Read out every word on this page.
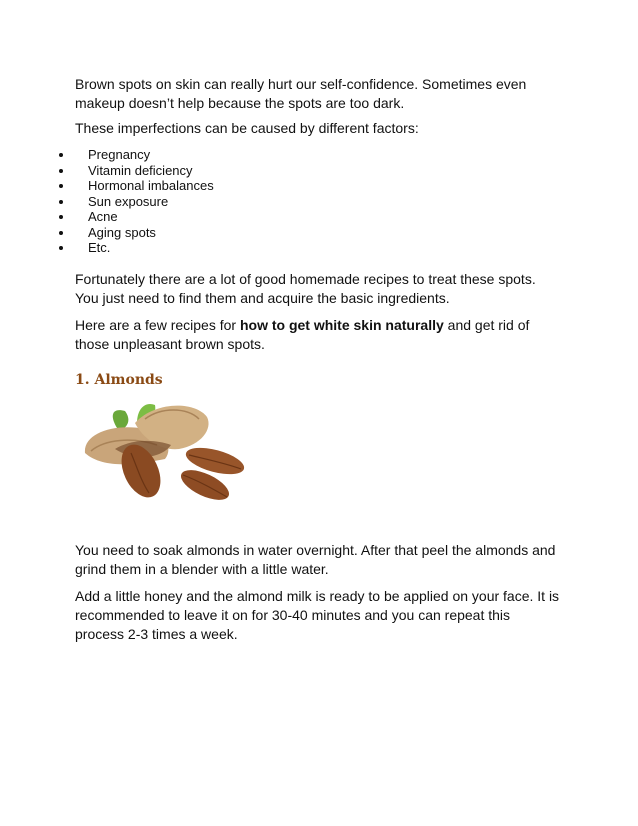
Brown spots on skin can really hurt our self-confidence. Sometimes even
makeup doesn’t help because the spots are too dark.

These imperfections can be caused by different factors:

Pregnancy
Vitamin deficiency
Hormonal imbalances
Sun exposure
Acne
Aging spots
Etc.

Fortunately there are a lot of good homemade recipes to treat these spots.
You just need to find them and acquire the basic ingredients.

Here are a few recipes for how to get white skin naturally and get rid of
those unpleasant brown spots.

1. Almonds

You need to soak almonds in water overnight. After that peel the almonds and
grind them in a blender with a little water.

Add a little honey and the almond milk is ready to be applied on your face. It is
recommended to leave it on for 30-40 minutes and you can repeat this
process 2-3 times a week.
